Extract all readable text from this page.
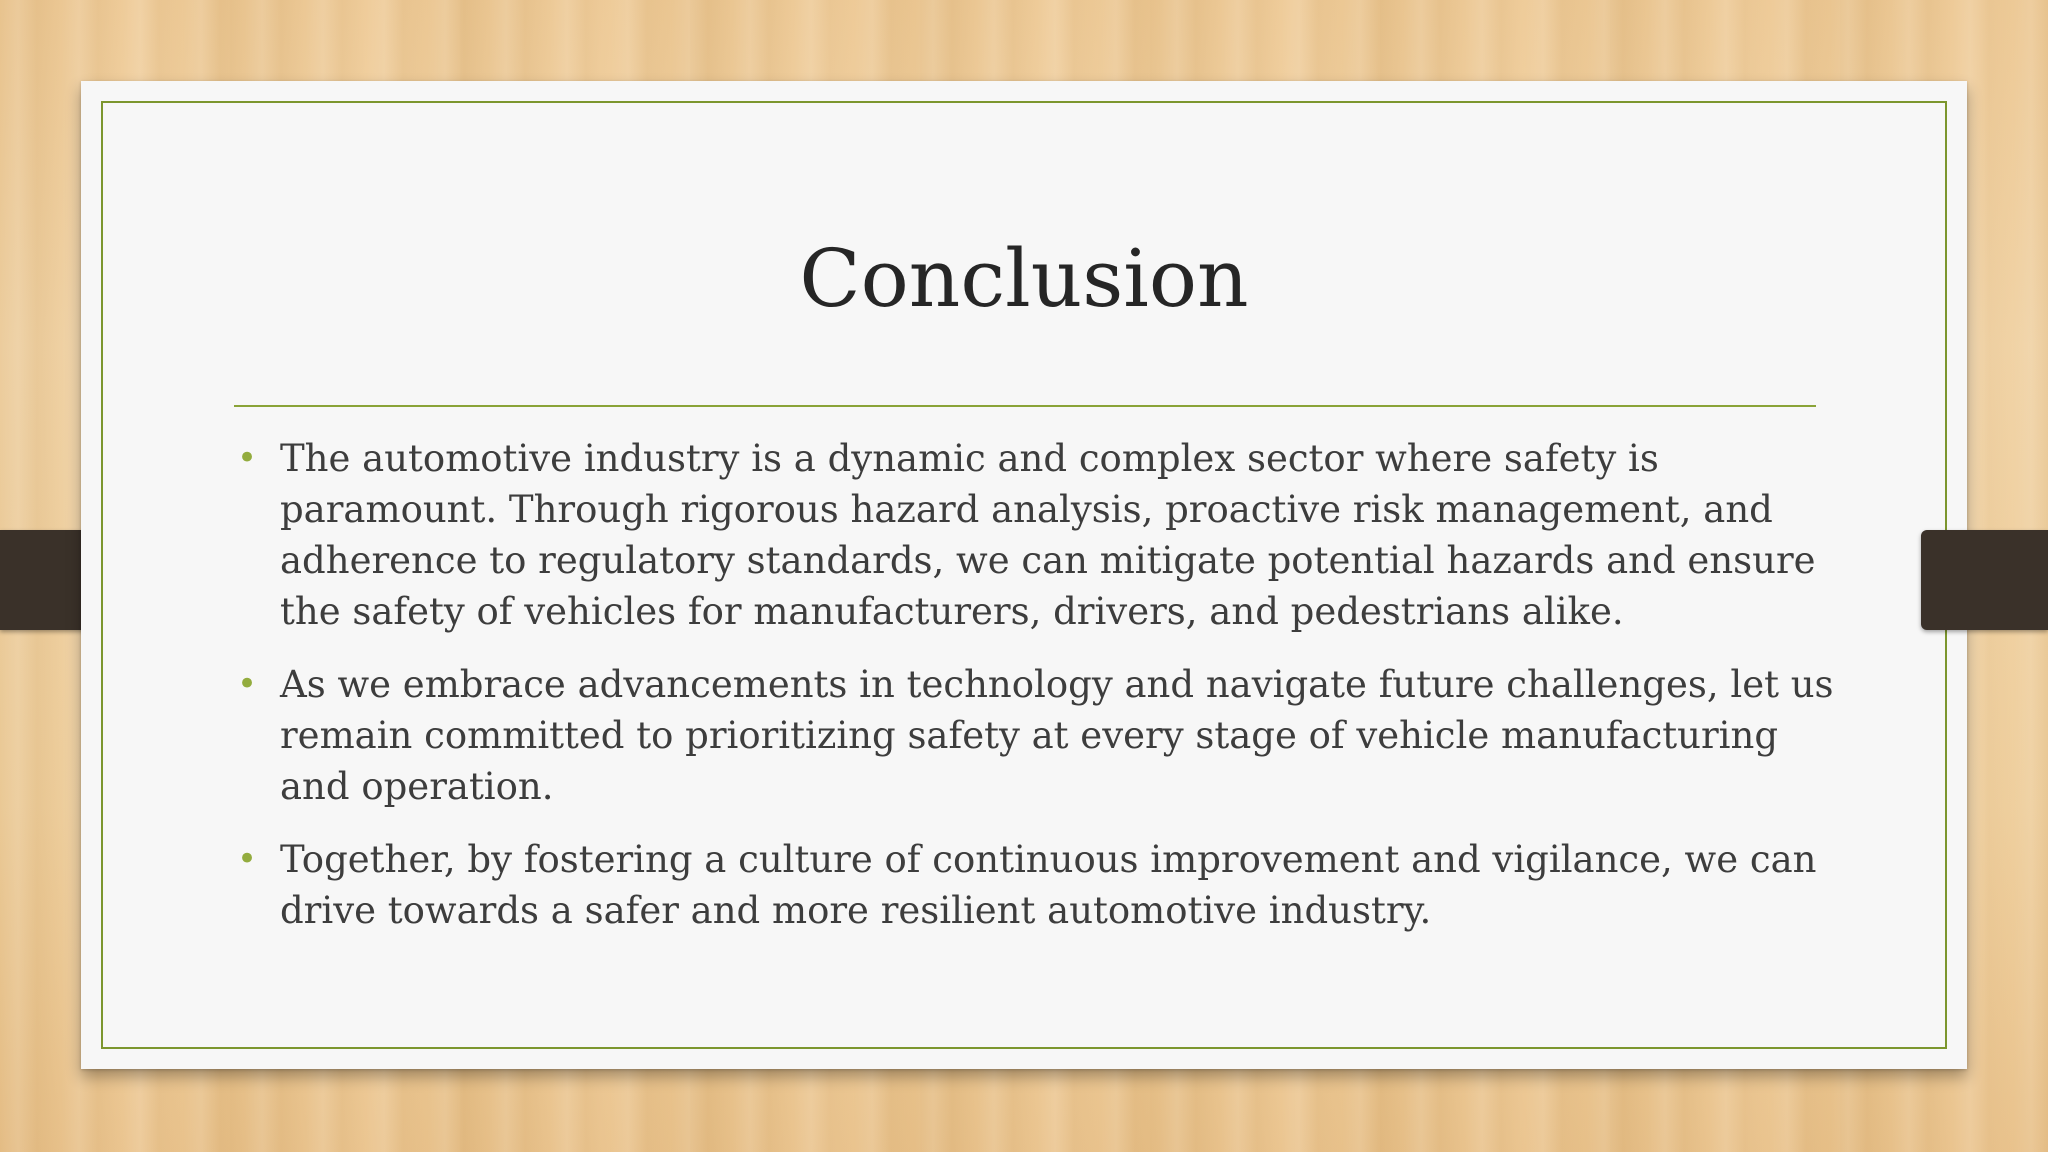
Conclusion
• The automotive industry is a dynamic and complex sector where safety is paramount. Through rigorous hazard analysis, proactive risk management, and adherence to regulatory standards, we can mitigate potential hazards and ensure the safety of vehicles for manufacturers, drivers, and pedestrians alike.
• As we embrace advancements in technology and navigate future challenges, let us remain committed to prioritizing safety at every stage of vehicle manufacturing and operation.
• Together, by fostering a culture of continuous improvement and vigilance, we can drive towards a safer and more resilient automotive industry.
